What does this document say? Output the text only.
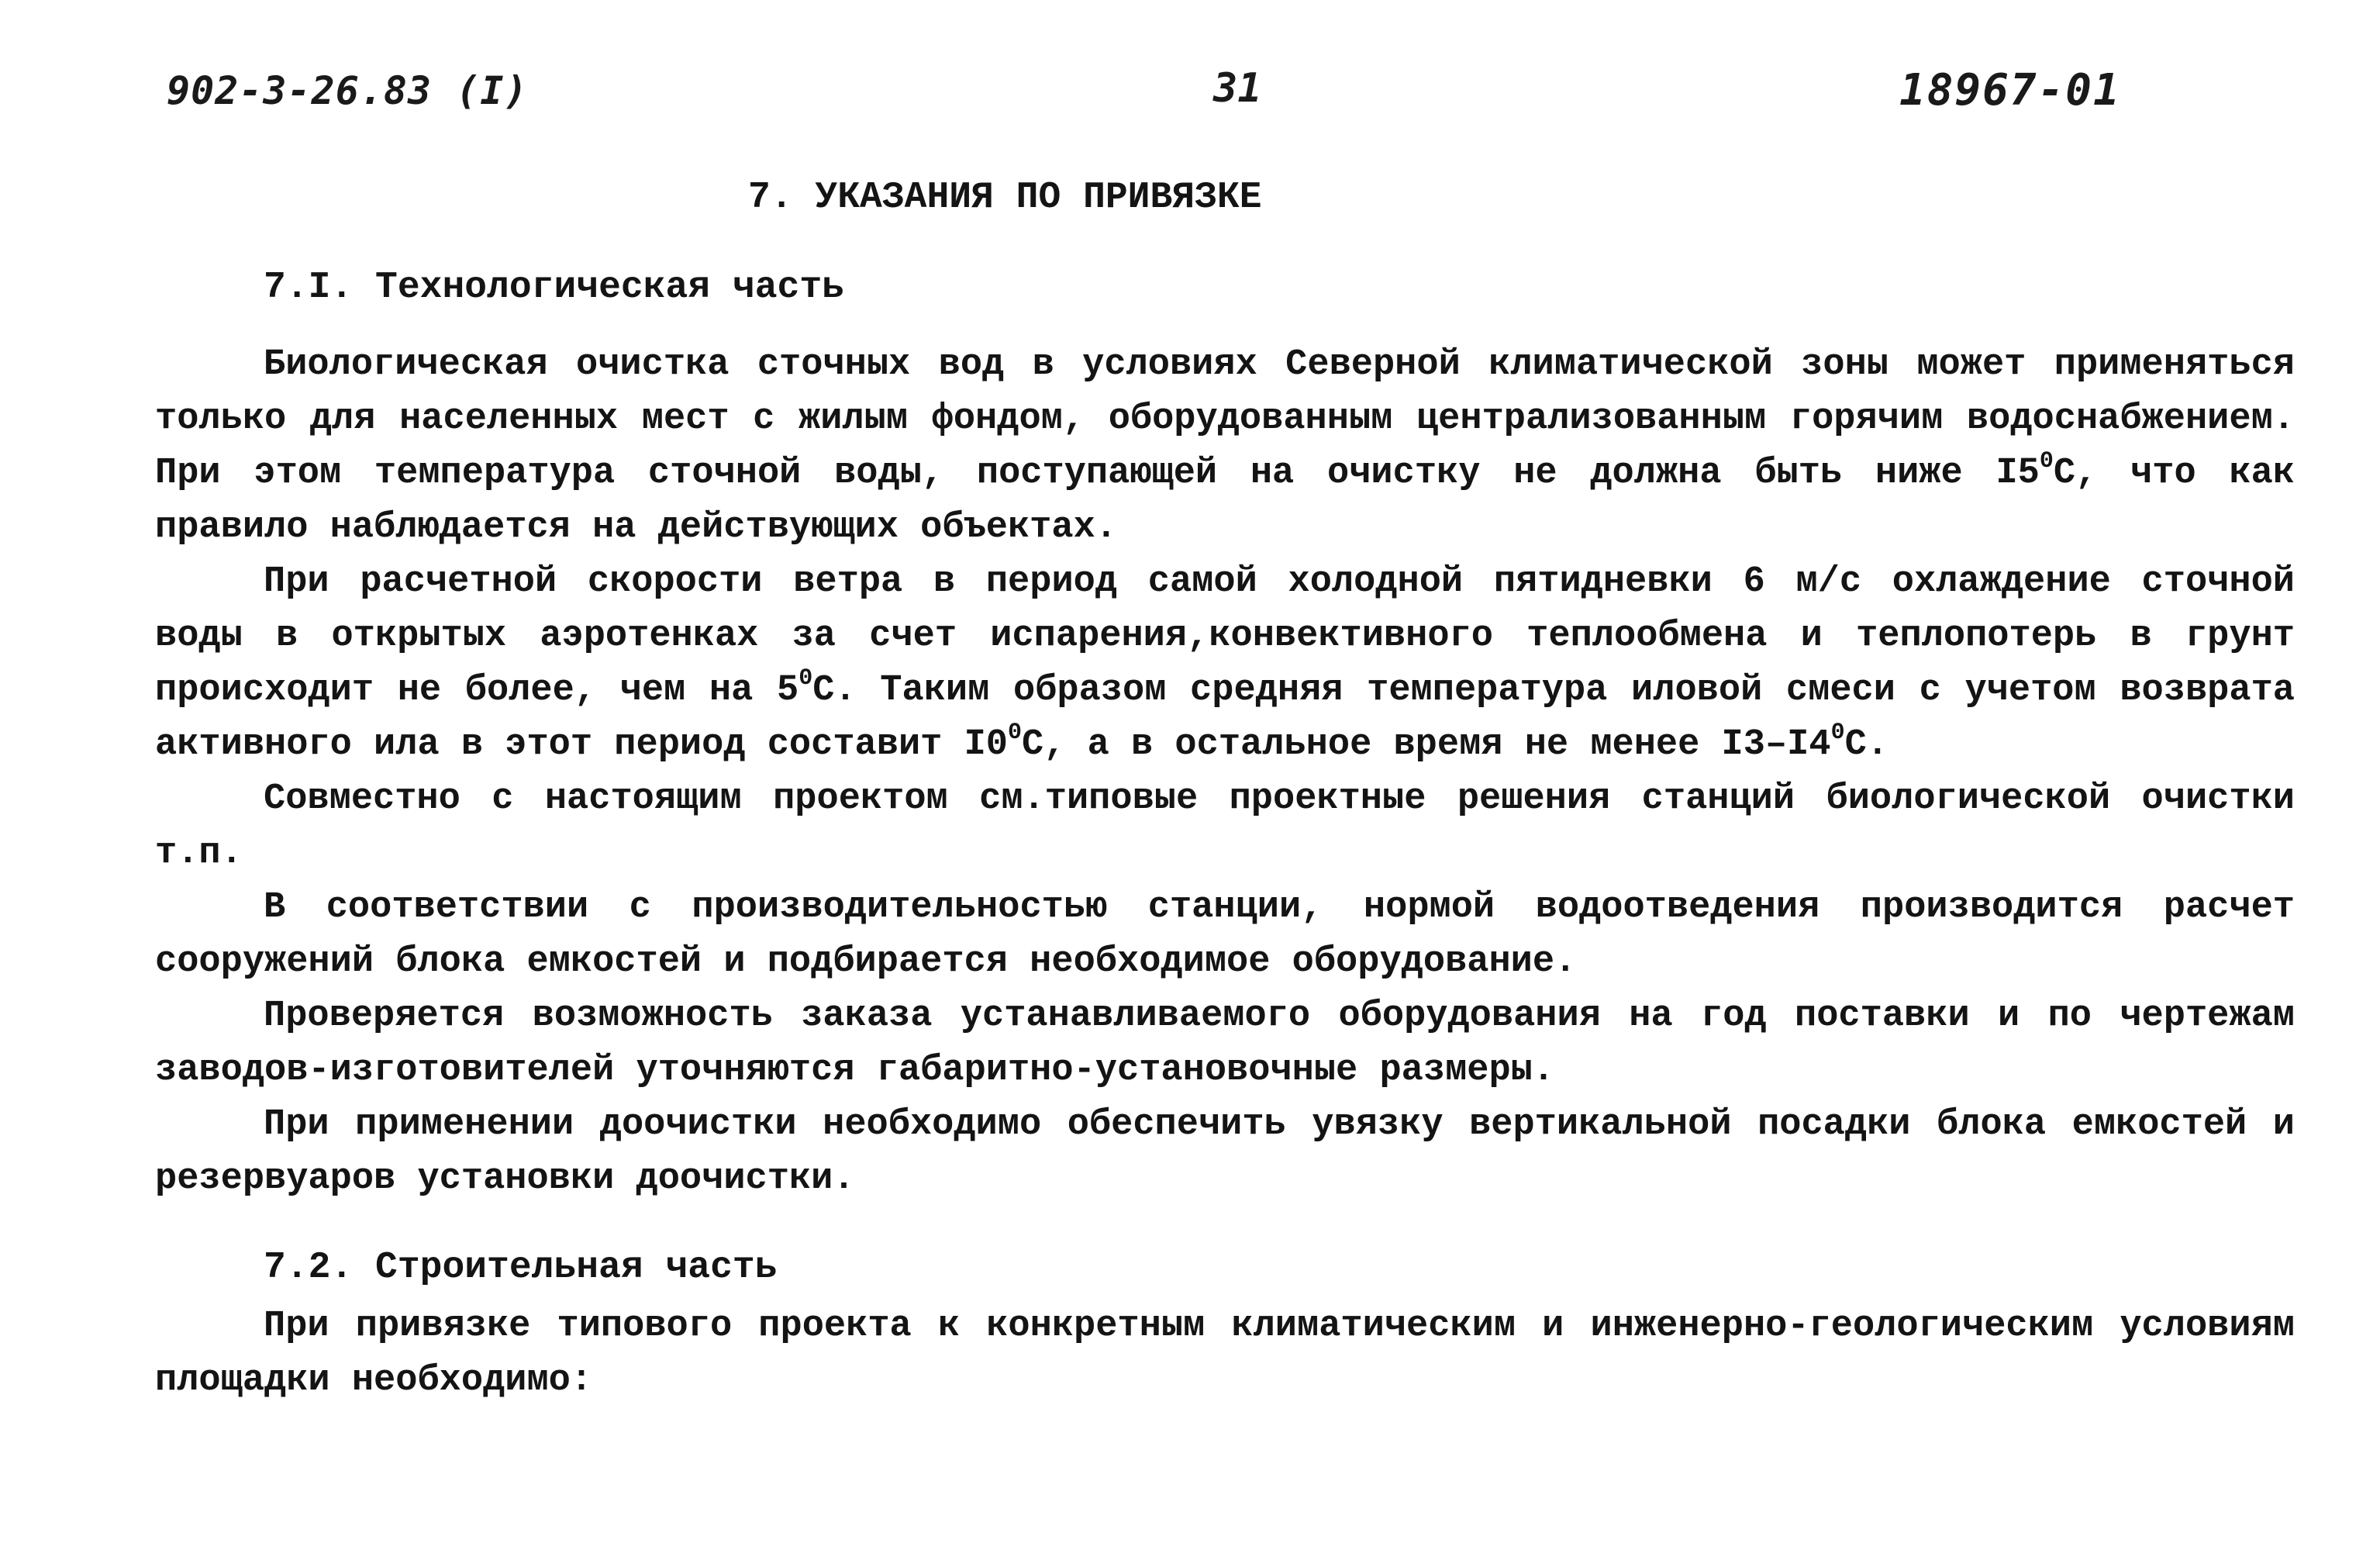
902-3-26.83 (I)	31	18967-01
7. УКАЗАНИЯ ПО ПРИВЯЗКЕ
7.I. Технологическая часть

Биологическая очистка сточных вод в условиях Северной климатической зоны может применяться только для населенных мест с жилым фондом, оборудованным централизованным горячим водоснабжением. При этом температура сточной воды, поступающей на очистку не должна быть ниже $I5^0С$, что как правило наблюдается на действующих объектах.

При расчетной скорости ветра в период самой холодной пятидневки 6 м/с охлаждение сточной воды в открытых аэротенках за счет испарения,конвективного теплообмена и теплопотерь в грунт происходит не более, чем на $5^0С$. Таким образом средняя температура иловой смеси с учетом возврата активного ила в этот период составит $I0^0С$, а в остальное время не менее $I3-I4^0С$.

Совместно с настоящим проектом см.типовые проектные решения станций биологической очистки т.п.

В соответствии с производительностью станции, нормой водоотведения производится расчет сооружений блока емкостей и подбирается необходимое оборудование.

Проверяется возможность заказа устанавливаемого оборудования на год поставки и по чертежам заводов-изготовителей уточняются габаритно-установочные размеры.

При применении доочистки необходимо обеспечить увязку вертикальной посадки блока емкостей и резервуаров установки доочистки.

7.2. Строительная часть

При привязке типового проекта к конкретным климатическим и инженерно-геологическим условиям площадки необходимо:
